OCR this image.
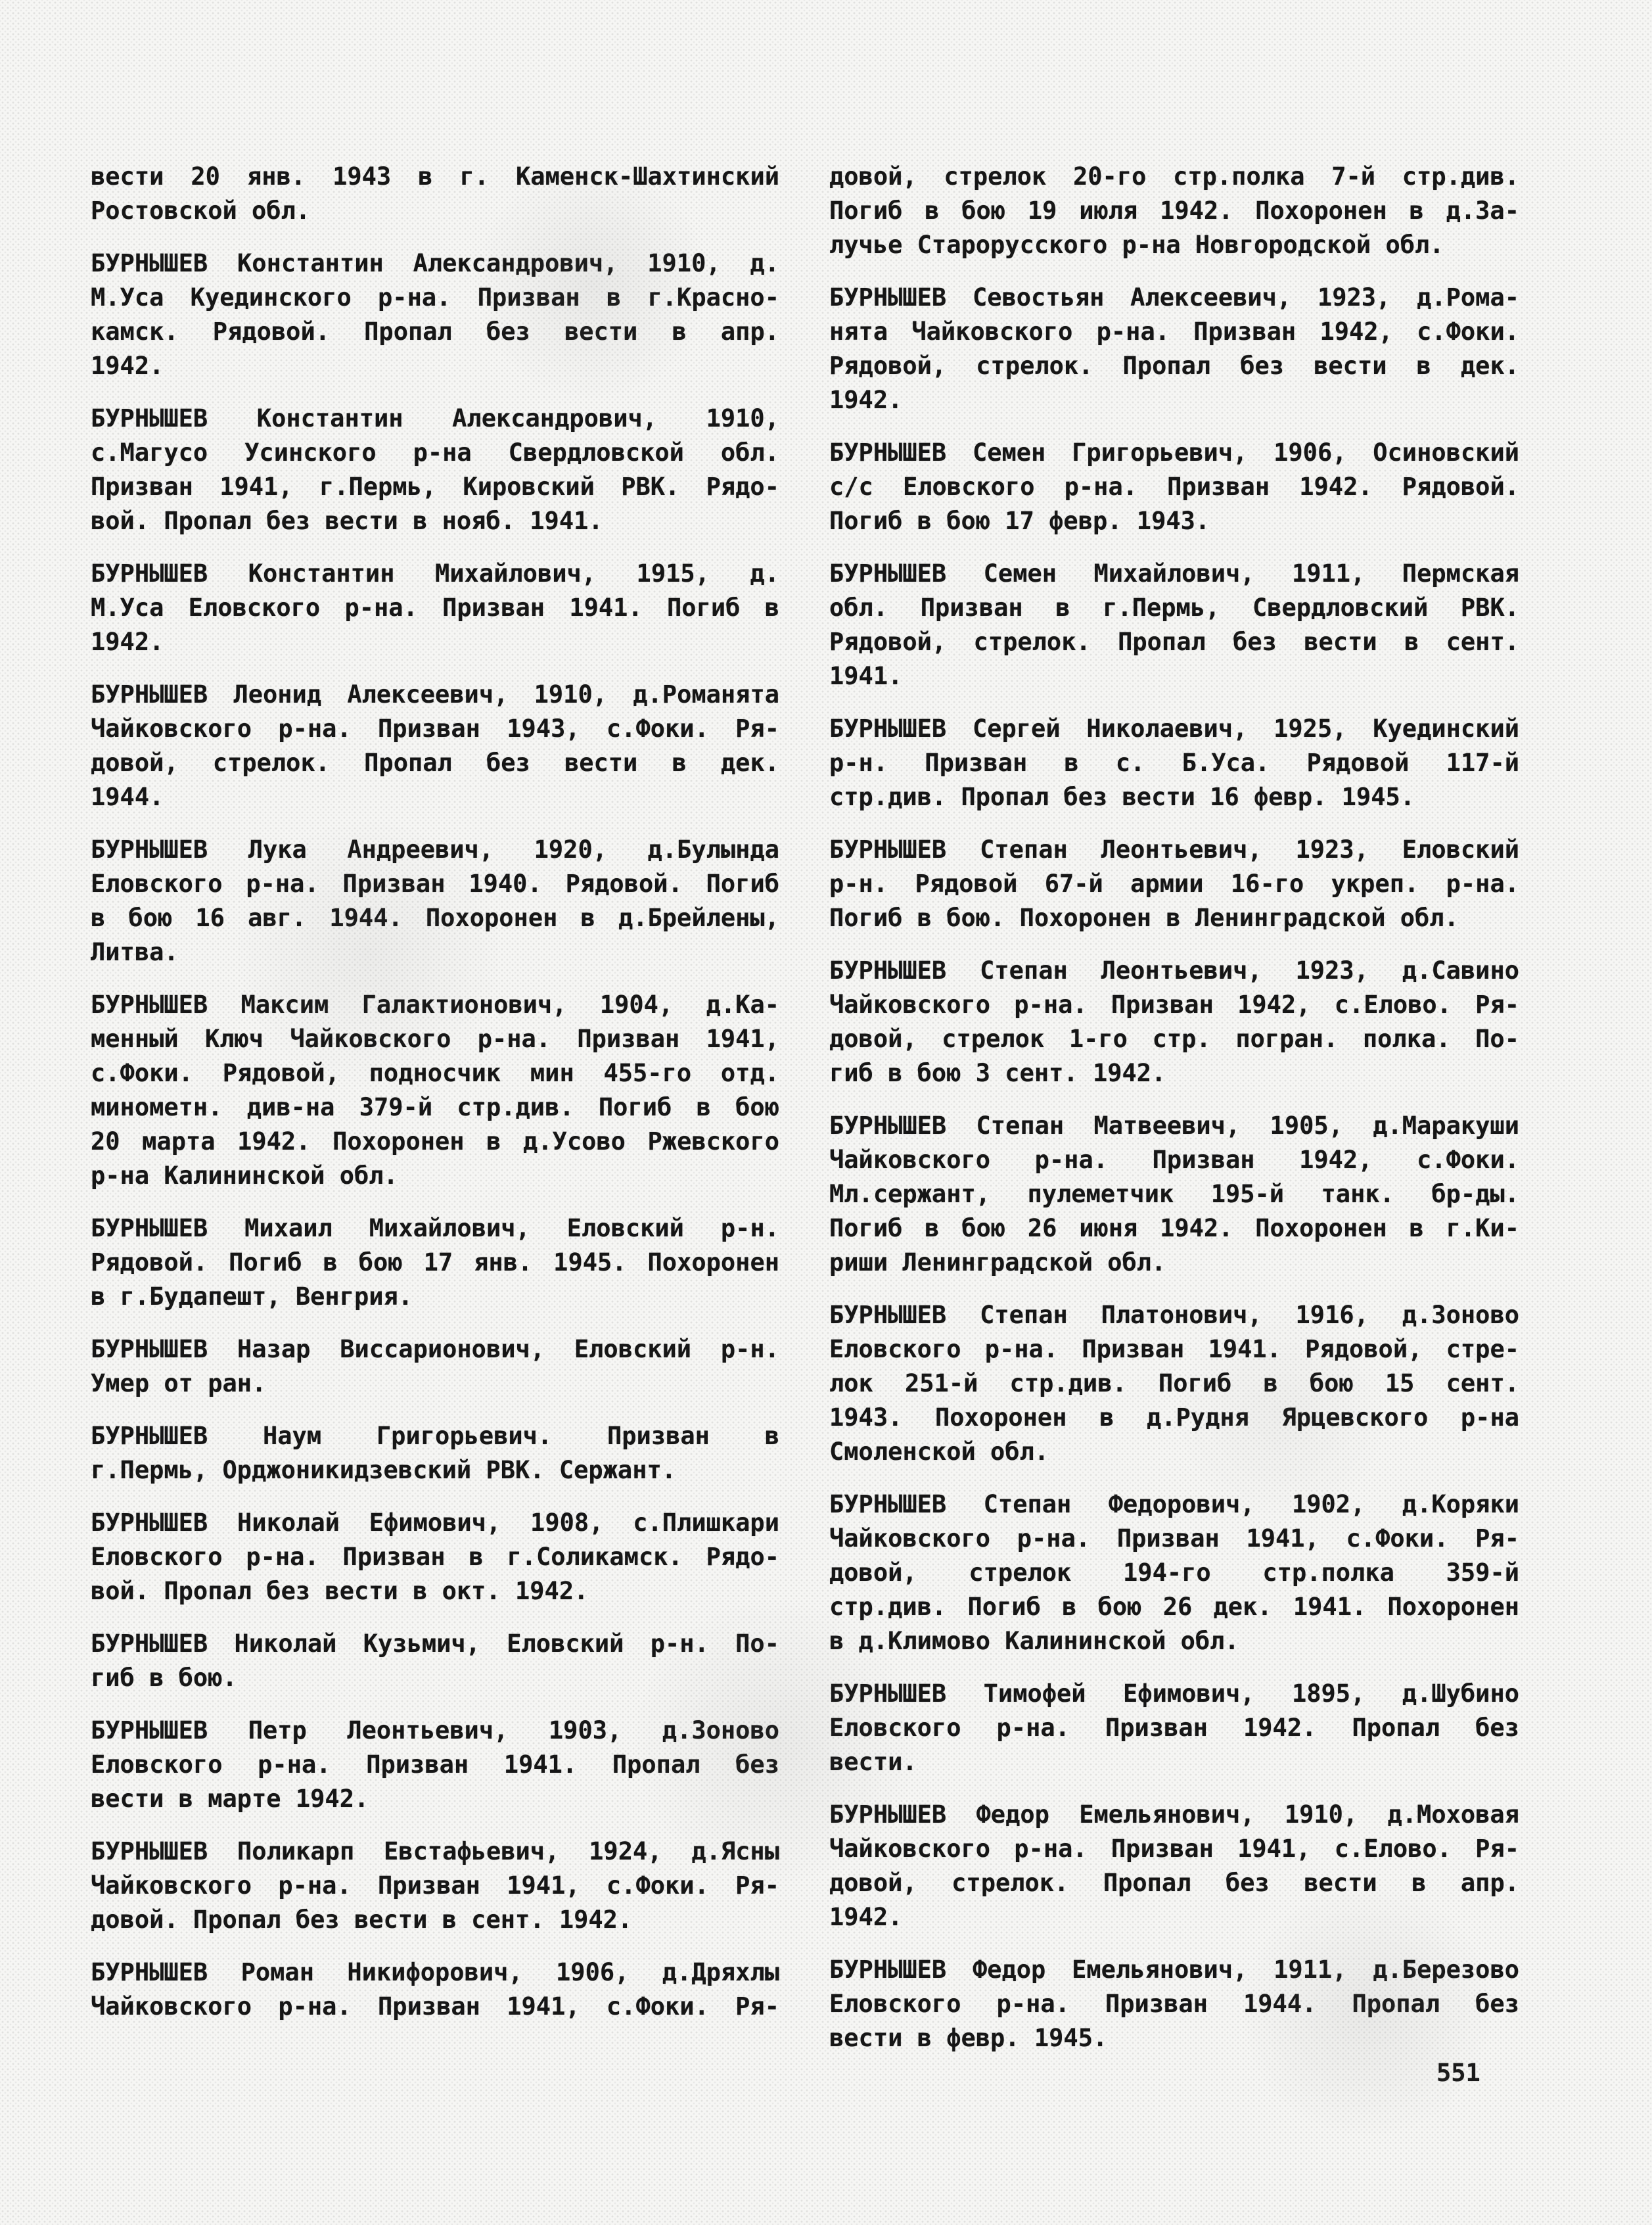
вести 20 янв. 1943 в г. Каменск-Шахтинский
Ростовской обл.
БУРНЫШЕВ Константин Александрович, 1910, д.
М.Уса Куединского р-на. Призван в г.Красно-
камск. Рядовой. Пропал без вести в апр.
1942.
БУРНЫШЕВ Константин Александрович, 1910,
с.Магусо Усинского р-на Свердловской обл.
Призван 1941, г.Пермь, Кировский РВК. Рядо-
вой. Пропал без вести в нояб. 1941.
БУРНЫШЕВ Константин Михайлович, 1915, д.
М.Уса Еловского р-на. Призван 1941. Погиб в
1942.
БУРНЫШЕВ Леонид Алексеевич, 1910, д.Романята
Чайковского р-на. Призван 1943, с.Фоки. Ря-
довой, стрелок. Пропал без вести в дек.
1944.
БУРНЫШЕВ Лука Андреевич, 1920, д.Булында
Еловского р-на. Призван 1940. Рядовой. Погиб
в бою 16 авг. 1944. Похоронен в д.Брейлены,
Литва.
БУРНЫШЕВ Максим Галактионович, 1904, д.Ка-
менный Ключ Чайковского р-на. Призван 1941,
с.Фоки. Рядовой, подносчик мин 455-го отд.
минометн. див-на 379-й стр.див. Погиб в бою
20 марта 1942. Похоронен в д.Усово Ржевского
р-на Калининской обл.
БУРНЫШЕВ Михаил Михайлович, Еловский р-н.
Рядовой. Погиб в бою 17 янв. 1945. Похоронен
в г.Будапешт, Венгрия.
БУРНЫШЕВ Назар Виссарионович, Еловский р-н.
Умер от ран.
БУРНЫШЕВ Наум Григорьевич. Призван в
г.Пермь, Орджоникидзевский РВК. Сержант.
БУРНЫШЕВ Николай Ефимович, 1908, с.Плишкари
Еловского р-на. Призван в г.Соликамск. Рядо-
вой. Пропал без вести в окт. 1942.
БУРНЫШЕВ Николай Кузьмич, Еловский р-н. По-
гиб в бою.
БУРНЫШЕВ Петр Леонтьевич, 1903, д.Зоново
Еловского р-на. Призван 1941. Пропал без
вести в марте 1942.
БУРНЫШЕВ Поликарп Евстафьевич, 1924, д.Ясны
Чайковского р-на. Призван 1941, с.Фоки. Ря-
довой. Пропал без вести в сент. 1942.
БУРНЫШЕВ Роман Никифорович, 1906, д.Дряхлы
Чайковского р-на. Призван 1941, с.Фоки. Ря-
довой, стрелок 20-го стр.полка 7-й стр.див.
Погиб в бою 19 июля 1942. Похоронен в д.За-
лучье Старорусского р-на Новгородской обл.
БУРНЫШЕВ Севостьян Алексеевич, 1923, д.Рома-
нята Чайковского р-на. Призван 1942, с.Фоки.
Рядовой, стрелок. Пропал без вести в дек.
1942.
БУРНЫШЕВ Семен Григорьевич, 1906, Осиновский
с/с Еловского р-на. Призван 1942. Рядовой.
Погиб в бою 17 февр. 1943.
БУРНЫШЕВ Семен Михайлович, 1911, Пермская
обл. Призван в г.Пермь, Свердловский РВК.
Рядовой, стрелок. Пропал без вести в сент.
1941.
БУРНЫШЕВ Сергей Николаевич, 1925, Куединский
р-н. Призван в с. Б.Уса. Рядовой 117-й
стр.див. Пропал без вести 16 февр. 1945.
БУРНЫШЕВ Степан Леонтьевич, 1923, Еловский
р-н. Рядовой 67-й армии 16-го укреп. р-на.
Погиб в бою. Похоронен в Ленинградской обл.
БУРНЫШЕВ Степан Леонтьевич, 1923, д.Савино
Чайковского р-на. Призван 1942, с.Елово. Ря-
довой, стрелок 1-го стр. погран. полка. По-
гиб в бою 3 сент. 1942.
БУРНЫШЕВ Степан Матвеевич, 1905, д.Маракуши
Чайковского р-на. Призван 1942, с.Фоки.
Мл.сержант, пулеметчик 195-й танк. бр-ды.
Погиб в бою 26 июня 1942. Похоронен в г.Ки-
риши Ленинградской обл.
БУРНЫШЕВ Степан Платонович, 1916, д.Зоново
Еловского р-на. Призван 1941. Рядовой, стре-
лок 251-й стр.див. Погиб в бою 15 сент.
1943. Похоронен в д.Рудня Ярцевского р-на
Смоленской обл.
БУРНЫШЕВ Степан Федорович, 1902, д.Коряки
Чайковского р-на. Призван 1941, с.Фоки. Ря-
довой, стрелок 194-го стр.полка 359-й
стр.див. Погиб в бою 26 дек. 1941. Похоронен
в д.Климово Калининской обл.
БУРНЫШЕВ Тимофей Ефимович, 1895, д.Шубино
Еловского р-на. Призван 1942. Пропал без
вести.
БУРНЫШЕВ Федор Емельянович, 1910, д.Моховая
Чайковского р-на. Призван 1941, с.Елово. Ря-
довой, стрелок. Пропал без вести в апр.
1942.
БУРНЫШЕВ Федор Емельянович, 1911, д.Березово
Еловского р-на. Призван 1944. Пропал без
вести в февр. 1945.
551
